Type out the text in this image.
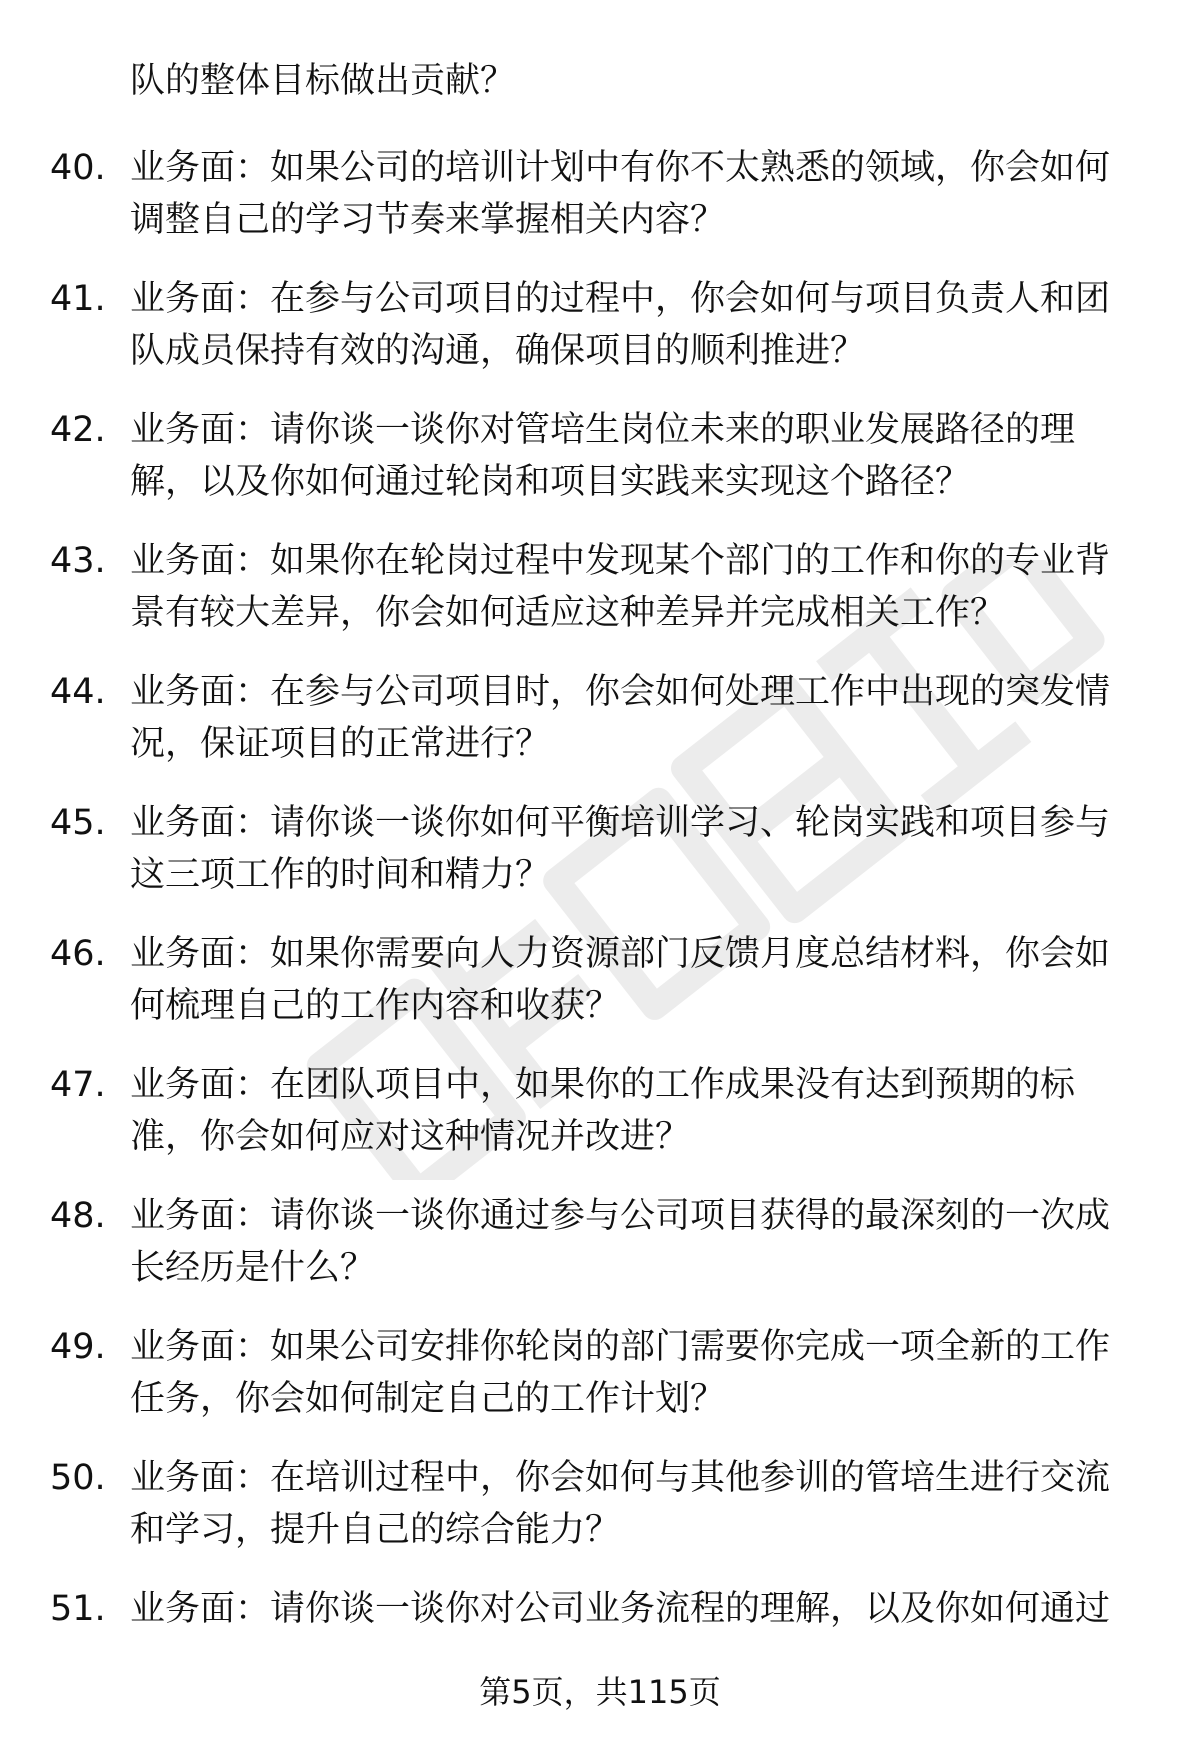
队的整体目标做出贡献？

40. 业务面：如果公司的培训计划中有你不太熟悉的领域，你会如何调整自己的学习节奏来掌握相关内容？

41. 业务面：在参与公司项目的过程中，你会如何与项目负责人和团队成员保持有效的沟通，确保项目的顺利推进？

42. 业务面：请你谈一谈你对管培生岗位未来的职业发展路径的理解，以及你如何通过轮岗和项目实践来实现这个路径？

43. 业务面：如果你在轮岗过程中发现某个部门的工作和你的专业背景有较大差异，你会如何适应这种差异并完成相关工作？

44. 业务面：在参与公司项目时，你会如何处理工作中出现的突发情况，保证项目的正常进行？

45. 业务面：请你谈一谈你如何平衡培训学习、轮岗实践和项目参与这三项工作的时间和精力？

46. 业务面：如果你需要向人力资源部门反馈月度总结材料，你会如何梳理自己的工作内容和收获？

47. 业务面：在团队项目中，如果你的工作成果没有达到预期的标准，你会如何应对这种情况并改进？

48. 业务面：请你谈一谈你通过参与公司项目获得的最深刻的一次成长经历是什么？

49. 业务面：如果公司安排你轮岗的部门需要你完成一项全新的工作任务，你会如何制定自己的工作计划？

50. 业务面：在培训过程中，你会如何与其他参训的管培生进行交流和学习，提升自己的综合能力？

51. 业务面：请你谈一谈你对公司业务流程的理解，以及你如何通过

第5页，共115页
